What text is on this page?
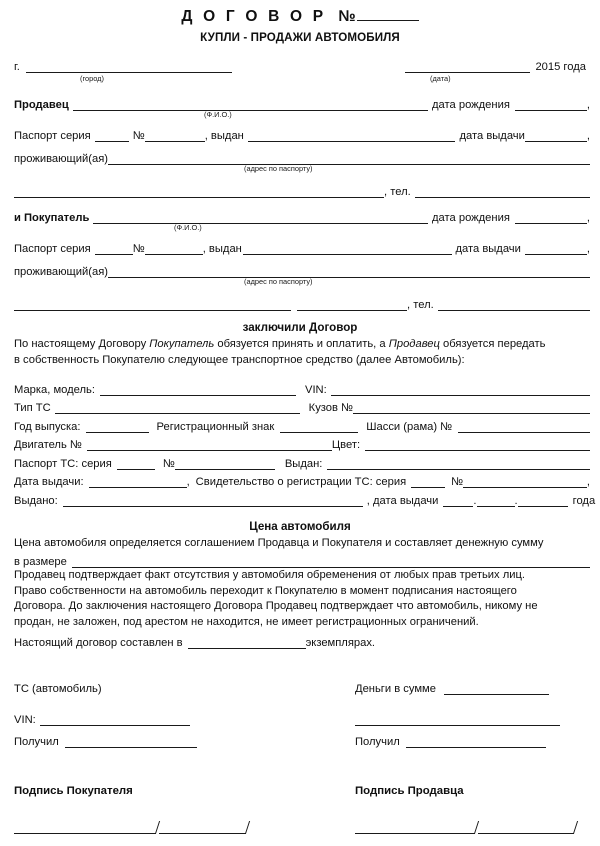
Д О Г О В О Р №
КУПЛИ - ПРОДАЖИ АВТОМОБИЛЯ
г.	2015 года
(город)	(дата)
Продавец	дата рождения	,
(Ф.И.О.)
Паспорт серия	№	, выдан	дата выдачи	,
проживающий(ая)
(адрес по паспорту)
, тел.
и Покупатель	дата рождения	,
(Ф.И.О.)
Паспорт серия	№	, выдан	дата выдачи	,
проживающий(ая)
(адрес по паспорту)
, тел.
заключили Договор
По настоящему Договору Покупатель обязуется принять и оплатить, а Продавец обязуется передать
в собственность Покупателю следующее транспортное средство (далее Автомобиль):
Марка, модель:	VIN:
Тип ТС	Кузов №
Год выпуска:	Регистрационный знак	Шасси (рама) №
Двигатель №	Цвет:
Паспорт ТС: серия	№	Выдан:
Дата выдачи:	, Свидетельство о регистрации ТС: серия	№	,
Выдано:	, дата выдачи	.	.	года
Цена автомобиля
Цена автомобиля определяется соглашением Продавца и Покупателя и составляет денежную сумму
в размере
Продавец подтверждает факт отсутствия у автомобиля обременения от любых прав третьих лиц.
Право собственности на автомобиль переходит к Покупателю в момент подписания настоящего
Договора. До заключения настоящего Договора Продавец подтверждает что автомобиль, никому не
продан, не заложен, под арестом не находится, не имеет регистрационных ограничений.
Настоящий договор составлен в	экземплярах.
ТС (автомобиль)
VIN:
Получил
Деньги в сумме
Получил
Подпись Покупателя	Подпись Продавца
